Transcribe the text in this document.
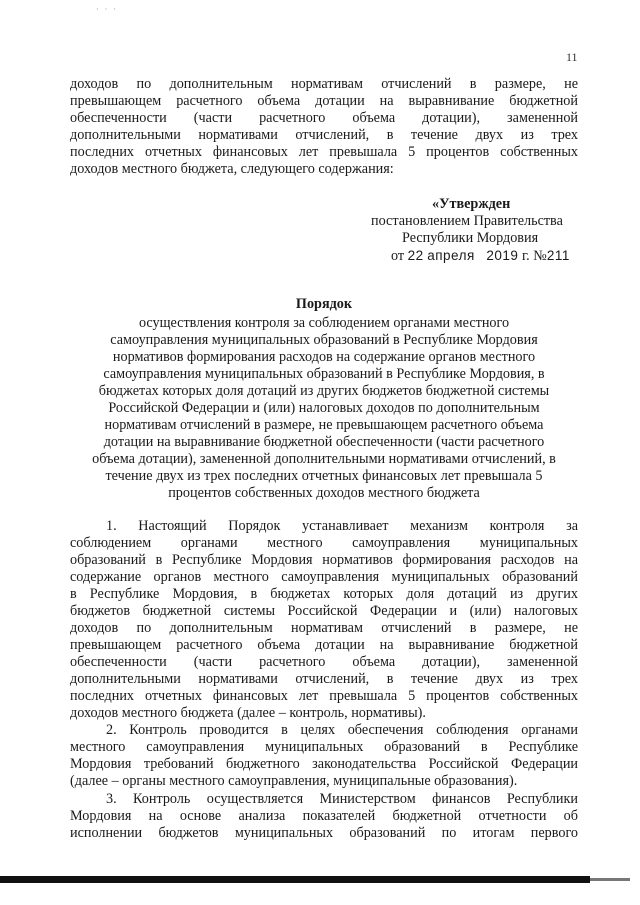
· · ·
11
доходов по дополнительным нормативам отчислений в размере, не
превышающем расчетного объема дотации на выравнивание бюджетной
обеспеченности (части расчетного объема дотации), замененной
дополнительными нормативами отчислений, в течение двух из трех
последних отчетных финансовых лет превышала 5 процентов собственных
доходов местного бюджета, следующего содержания:
«Утвержден
постановлением Правительства
Республики Мордовия
от 22 апреля 2019 г. №211
Порядок
осуществления контроля за соблюдением органами местного
самоуправления муниципальных образований в Республике Мордовия
нормативов формирования расходов на содержание органов местного
самоуправления муниципальных образований в Республике Мордовия, в
бюджетах которых доля дотаций из других бюджетов бюджетной системы
Российской Федерации и (или) налоговых доходов по дополнительным
нормативам отчислений в размере, не превышающем расчетного объема
дотации на выравнивание бюджетной обеспеченности (части расчетного
объема дотации), замененной дополнительными нормативами отчислений, в
течение двух из трех последних отчетных финансовых лет превышала 5
процентов собственных доходов местного бюджета
1. Настоящий Порядок устанавливает механизм контроля за
соблюдением органами местного самоуправления муниципальных
образований в Республике Мордовия нормативов формирования расходов на
содержание органов местного самоуправления муниципальных образований
в Республике Мордовия, в бюджетах которых доля дотаций из других
бюджетов бюджетной системы Российской Федерации и (или) налоговых
доходов по дополнительным нормативам отчислений в размере, не
превышающем расчетного объема дотации на выравнивание бюджетной
обеспеченности (части расчетного объема дотации), замененной
дополнительными нормативами отчислений, в течение двух из трех
последних отчетных финансовых лет превышала 5 процентов собственных
доходов местного бюджета (далее – контроль, нормативы).
2. Контроль проводится в целях обеспечения соблюдения органами
местного самоуправления муниципальных образований в Республике
Мордовия требований бюджетного законодательства Российской Федерации
(далее – органы местного самоуправления, муниципальные образования).
3. Контроль осуществляется Министерством финансов Республики
Мордовия на основе анализа показателей бюджетной отчетности об
исполнении бюджетов муниципальных образований по итогам первого
